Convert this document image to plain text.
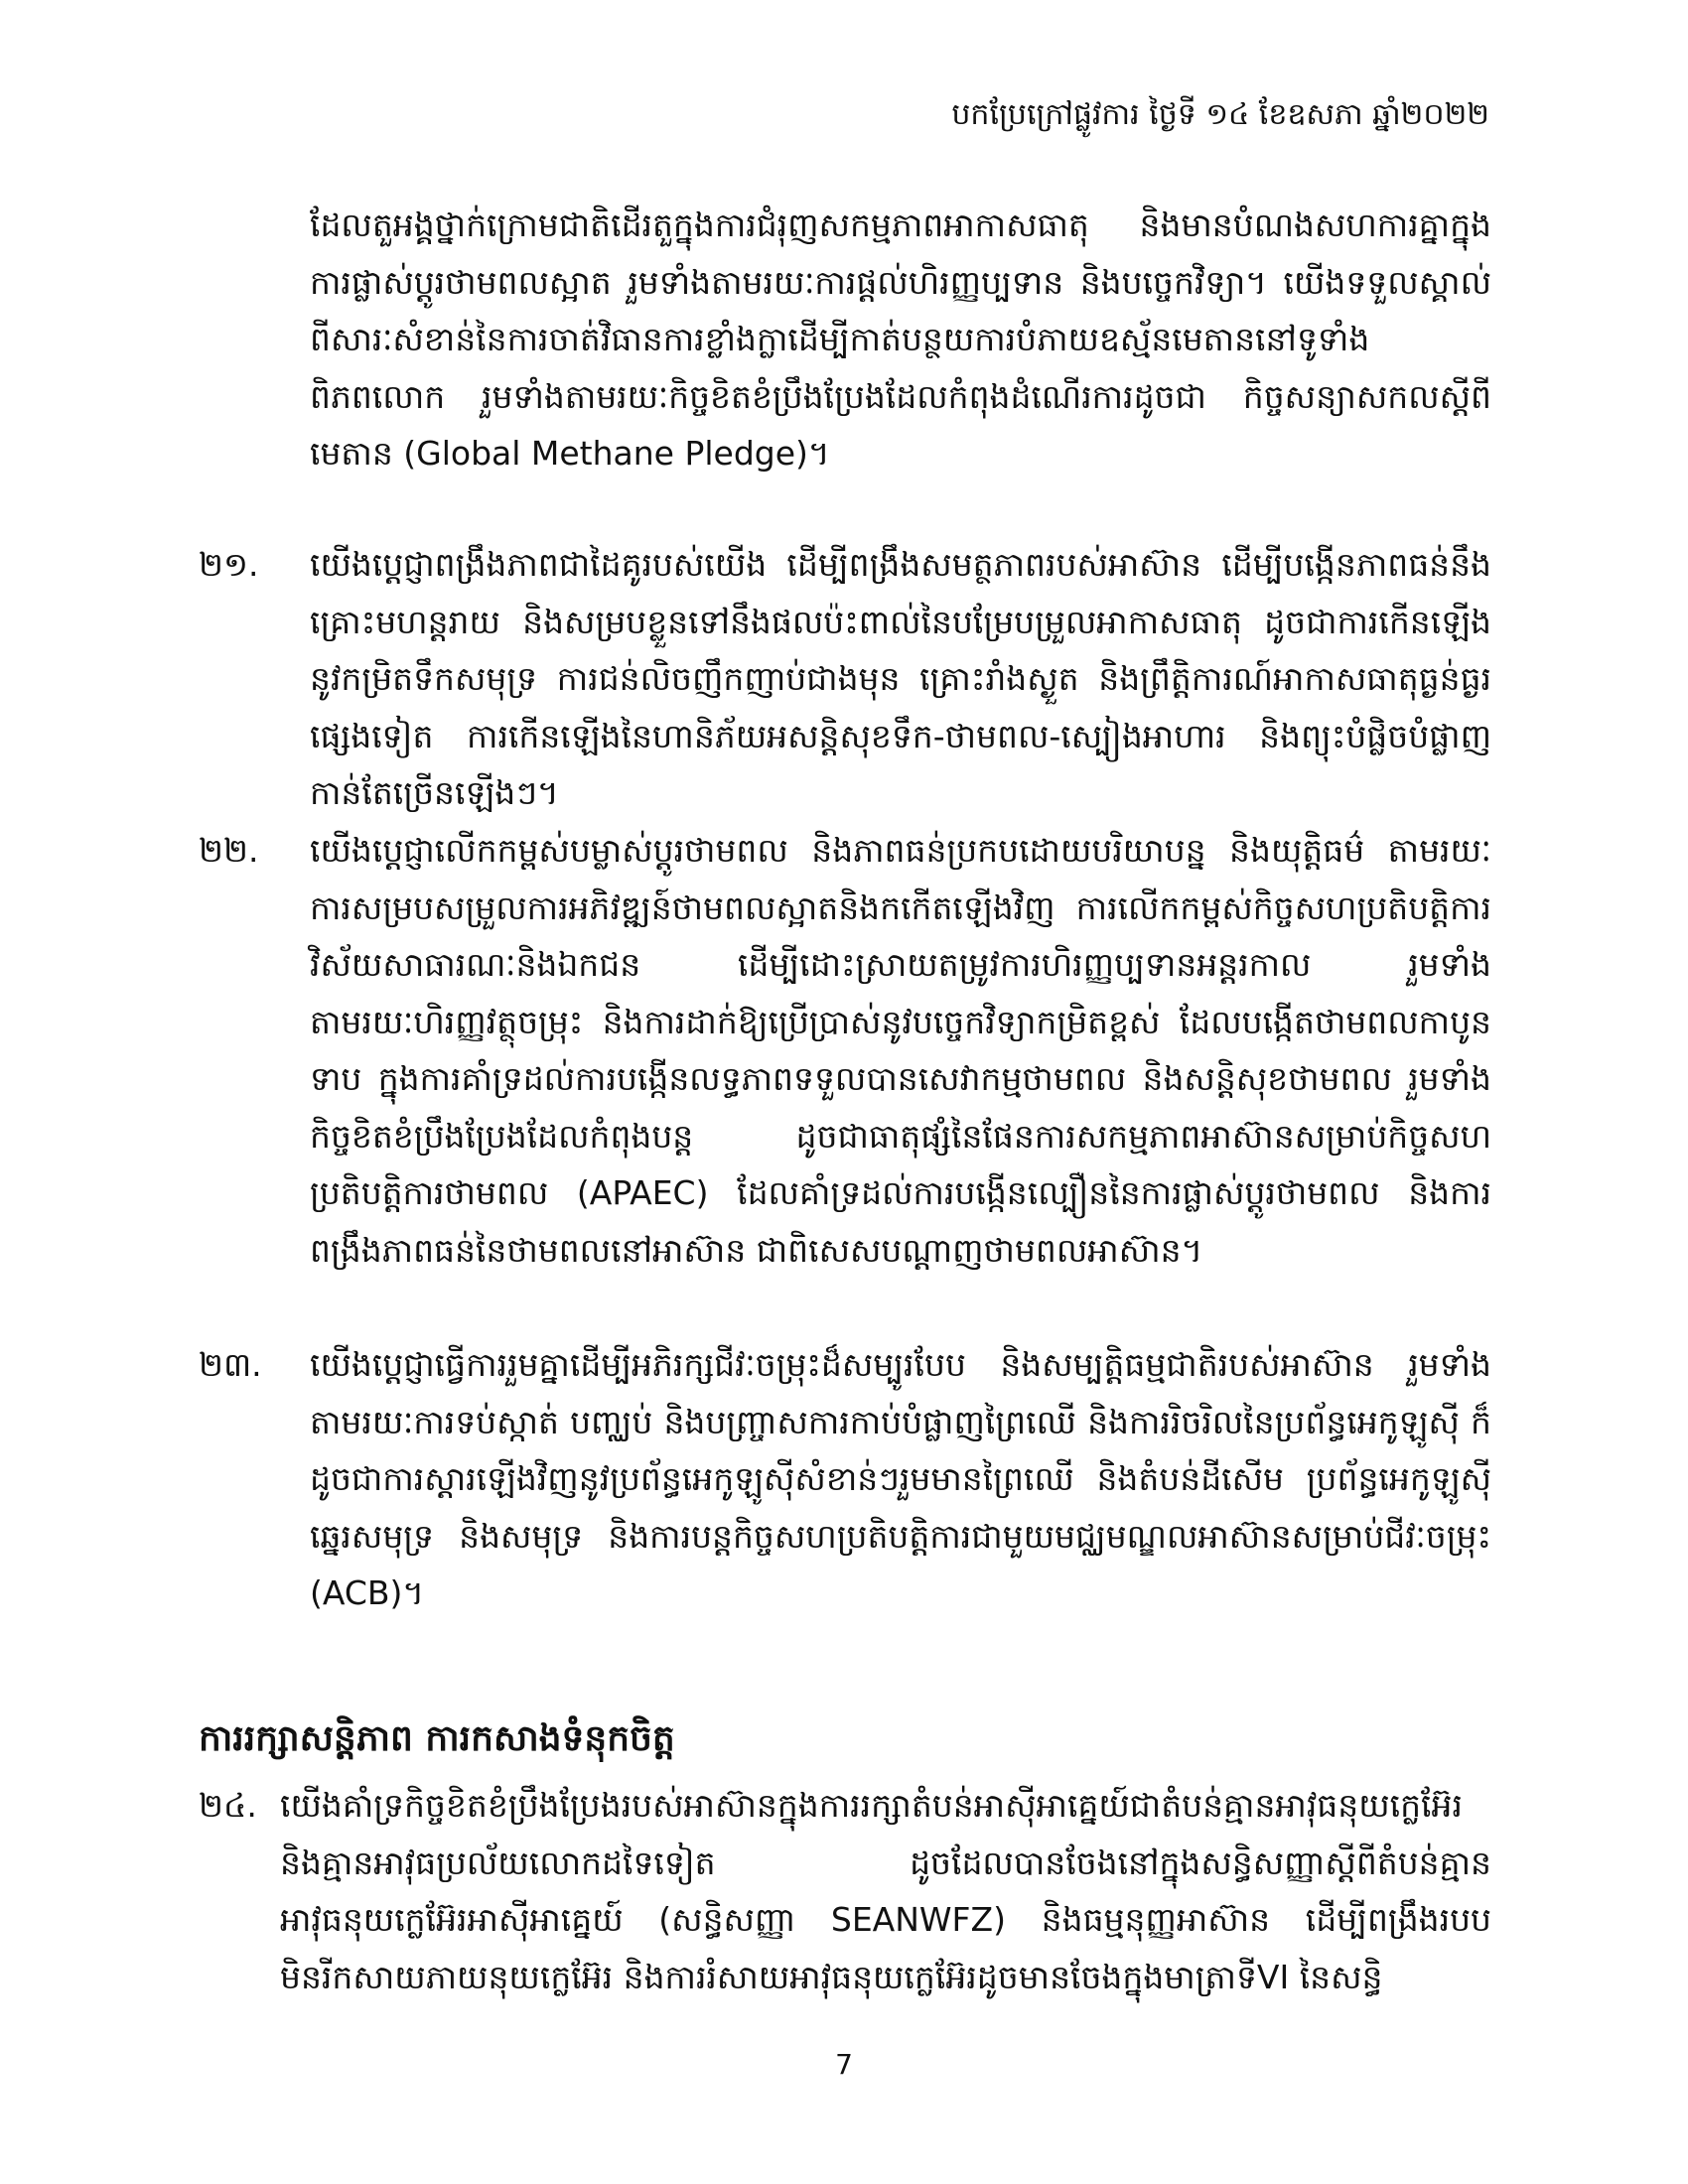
បកប្រែក្រៅផ្លូវការ ថ្ងៃទី ១៤ ខែឧសភា ឆ្នាំ២០២២
ដែលតួអង្គថ្នាក់ក្រោមជាតិដើរតួក្នុងការជំរុញសកម្មភាពអាកាសធាតុ និងមានបំណងសហការគ្នាក្នុងការផ្លាស់ប្តូរថាមពលស្អាត រួមទាំងតាមរយៈការផ្តល់ហិរញ្ញប្បទាន និងបច្ចេកវិទ្យា។ យើងទទួលស្គាល់ពីសារៈសំខាន់នៃការចាត់វិធានការខ្លាំងក្លាដើម្បីកាត់បន្ថយការបំភាយឧស្ម័នមេតាននៅទូទាំងពិភពលោក រួមទាំងតាមរយៈកិច្ចខិតខំប្រឹងប្រែងដែលកំពុងដំណើរការដូចជា កិច្ចសន្យាសកលស្តីពីមេតាន (Global Methane Pledge)។
២១.	យើងប្តេជ្ញាពង្រឹងភាពជាដៃគូរបស់យើង ដើម្បីពង្រឹងសមត្ថភាពរបស់អាស៊ាន ដើម្បីបង្កើនភាពធន់នឹងគ្រោះមហន្តរាយ និងសម្របខ្លួនទៅនឹងផលប៉ះពាល់នៃបម្រែបម្រួលអាកាសធាតុ ដូចជាការកើនឡើងនូវកម្រិតទឹកសមុទ្រ ការជន់លិចញឹកញាប់ជាងមុន គ្រោះរាំងស្ងួត និងព្រឹត្តិការណ៍អាកាសធាតុធ្ងន់ធ្ងរផ្សេងទៀត ការកើនឡើងនៃហានិភ័យអសន្តិសុខទឹក-ថាមពល-ស្បៀងអាហារ និងព្យុះបំផ្លិចបំផ្លាញកាន់តែច្រើនឡើងៗ។
២២.	យើងប្តេជ្ញាលើកកម្ពស់បម្លាស់ប្តូរថាមពល និងភាពធន់ប្រកបដោយបរិយាបន្ន និងយុត្តិធម៌ តាមរយៈការសម្របសម្រួលការអភិវឌ្ឍន៍ថាមពលស្អាតនិងកកើតឡើងវិញ ការលើកកម្ពស់កិច្ចសហប្រតិបត្តិការវិស័យសាធារណៈនិងឯកជន ដើម្បីដោះស្រាយតម្រូវការហិរញ្ញប្បទានអន្តរកាល រួមទាំងតាមរយៈហិរញ្ញវត្ថុចម្រុះ និងការដាក់ឱ្យប្រើប្រាស់នូវបច្ចេកវិទ្យាកម្រិតខ្ពស់ ដែលបង្កើតថាមពលកាបូនទាប ក្នុងការគាំទ្រដល់ការបង្កើនលទ្ធភាពទទួលបានសេវាកម្មថាមពល និងសន្តិសុខថាមពល រួមទាំងកិច្ចខិតខំប្រឹងប្រែងដែលកំពុងបន្ត ដូចជាធាតុផ្សំនៃផែនការសកម្មភាពអាស៊ានសម្រាប់កិច្ចសហប្រតិបត្តិការថាមពល (APAEC) ដែលគាំទ្រដល់ការបង្កើនល្បឿននៃការផ្លាស់ប្តូរថាមពល និងការពង្រឹងភាពធន់នៃថាមពលនៅអាស៊ាន ជាពិសេសបណ្តាញថាមពលអាស៊ាន។
២៣.	យើងប្តេជ្ញាធ្វើការរួមគ្នាដើម្បីអភិរក្សជីវៈចម្រុះដ៏សម្បូរបែប និងសម្បត្តិធម្មជាតិរបស់អាស៊ាន រួមទាំងតាមរយៈការទប់ស្កាត់ បញ្ឈប់ និងបញ្ច្រាសការកាប់បំផ្លាញព្រៃឈើ និងការរិចរិលនៃប្រព័ន្ធអេកូឡូស៊ី ក៏ដូចជាការស្តារឡើងវិញនូវប្រព័ន្ធអេកូឡូស៊ីសំខាន់ៗរួមមានព្រៃឈើ និងតំបន់ដីសើម ប្រព័ន្ធអេកូឡូស៊ីឆ្នេរសមុទ្រ និងសមុទ្រ និងការបន្តកិច្ចសហប្រតិបត្តិការជាមួយមជ្ឈមណ្ឌលអាស៊ានសម្រាប់ជីវៈចម្រុះ (ACB)។
ការរក្សាសន្តិភាព ការកសាងទំនុកចិត្ត
២៤. យើងគាំទ្រកិច្ចខិតខំប្រឹងប្រែងរបស់អាស៊ានក្នុងការរក្សាតំបន់អាស៊ីអាគ្នេយ៍ជាតំបន់គ្មានអាវុធនុយក្លេអ៊ែរ និងគ្មានអាវុធប្រល័យលោកដទៃទៀត ដូចដែលបានចែងនៅក្នុងសន្ធិសញ្ញាស្តីពីតំបន់គ្មានអាវុធនុយក្លេអ៊ែរអាស៊ីអាគ្នេយ៍ (សន្ធិសញ្ញា SEANWFZ) និងធម្មនុញ្ញអាស៊ាន ដើម្បីពង្រឹងរបបមិនរីកសាយភាយនុយក្លេអ៊ែរ និងការរំសាយអាវុធនុយក្លេអ៊ែរដូចមានចែងក្នុងមាត្រាទីVI នៃសន្ធិ
7
